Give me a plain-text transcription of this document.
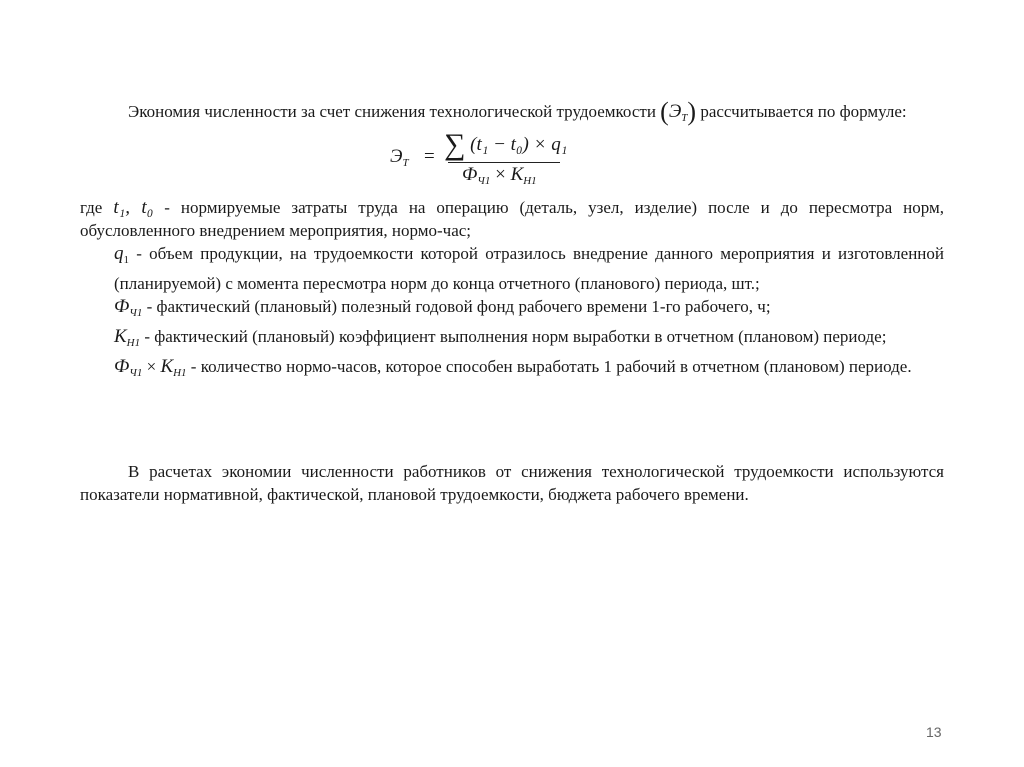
Экономия численности за счет снижения технологической трудоемкости $(Э_Т)$ рассчитывается по формуле:
$Э_Т$ = ∑ (t₁ − t₀) × q₁
$Ф_{Ч1} \times К_{Н1}$
где t₁, t₀ - нормируемые затраты труда на операцию (деталь, узел, изделие) после и до пересмотра норм, обусловленного внедрением мероприятия, нормо-час;
$q_1$ - объем продукции, на трудоемкости которой отразилось внедрение данного мероприятия и изготовленной (планируемой) с момента пересмотра норм до конца отчетного (планового) периода, шт.;
$Ф_{Ч1}$ - фактический (плановый) полезный годовой фонд рабочего времени 1-го рабочего, ч;
$К_{Н1}$ - фактический (плановый) коэффициент выполнения норм выработки в отчетном (плановом) периоде;
$Ф_{Ч1} \times К_{Н1}$ - количество нормо-часов, которое способен выработать 1 рабочий в отчетном (плановом) периоде.
В расчетах экономии численности работников от снижения технологической трудоемкости используются показатели нормативной, фактической, плановой трудоемкости, бюджета рабочего времени.
13
